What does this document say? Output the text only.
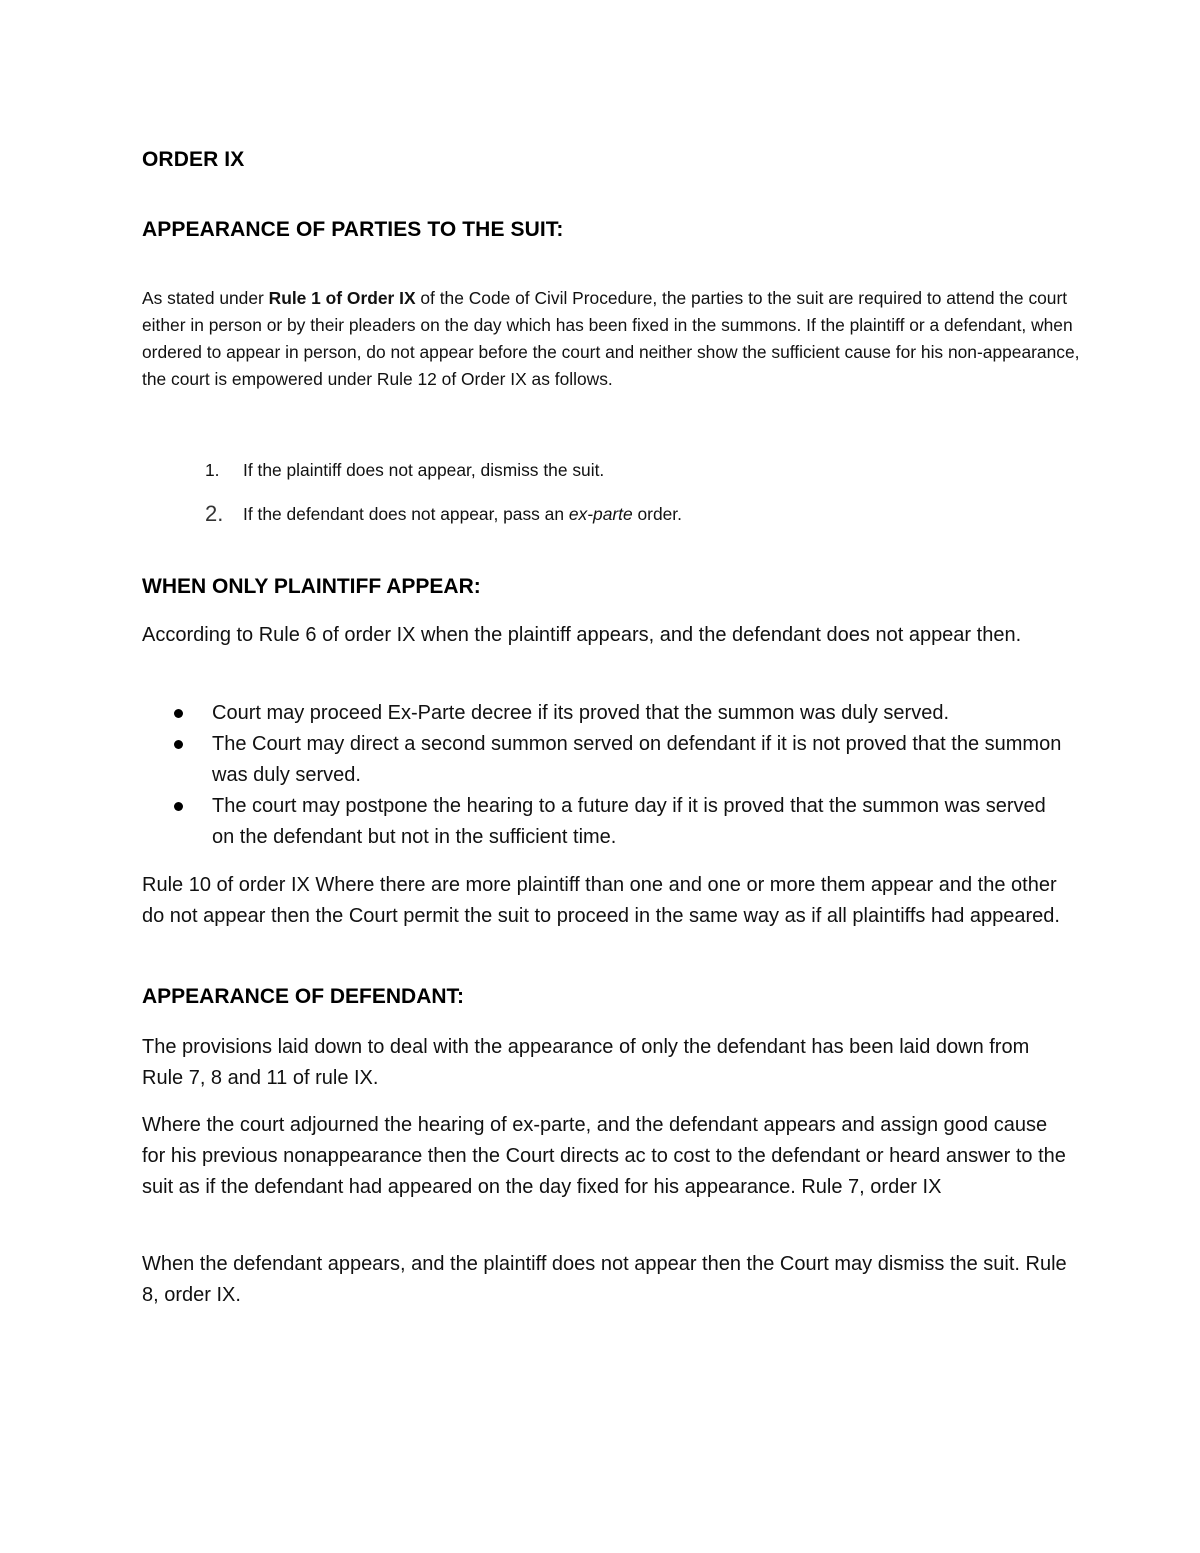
ORDER IX
APPEARANCE OF PARTIES TO THE SUIT:

As stated under Rule 1 of Order IX of the Code of Civil Procedure, the parties to the suit are required to attend the court either in person or by their pleaders on the day which has been fixed in the summons. If the plaintiff or a defendant, when ordered to appear in person, do not appear before the court and neither show the sufficient cause for his non-appearance, the court is empowered under Rule 12 of Order IX as follows.

1.	If the plaintiff does not appear, dismiss the suit.
2.	If the defendant does not appear, pass an ex-parte order.
WHEN ONLY PLAINTIFF APPEAR:

According to Rule 6 of order IX when the plaintiff appears, and the defendant does not appear then.

Court may proceed Ex-Parte decree if its proved that the summon was duly served.
The Court may direct a second summon served on defendant if it is not proved that the summon was duly served.
The court may postpone the hearing to a future day if it is proved that the summon was served on the defendant but not in the sufficient time.

Rule 10 of order IX Where there are more plaintiff than one and one or more them appear and the other do not appear then the Court permit the suit to proceed in the same way as if all plaintiffs had appeared.

APPEARANCE OF DEFENDANT:

The provisions laid down to deal with the appearance of only the defendant has been laid down from Rule 7, 8 and 11 of rule IX.

Where the court adjourned the hearing of ex-parte, and the defendant appears and assign good cause for his previous nonappearance then the Court directs ac to cost to the defendant or heard answer to the suit as if the defendant had appeared on the day fixed for his appearance. Rule 7, order IX

When the defendant appears, and the plaintiff does not appear then the Court may dismiss the suit. Rule 8, order IX.
